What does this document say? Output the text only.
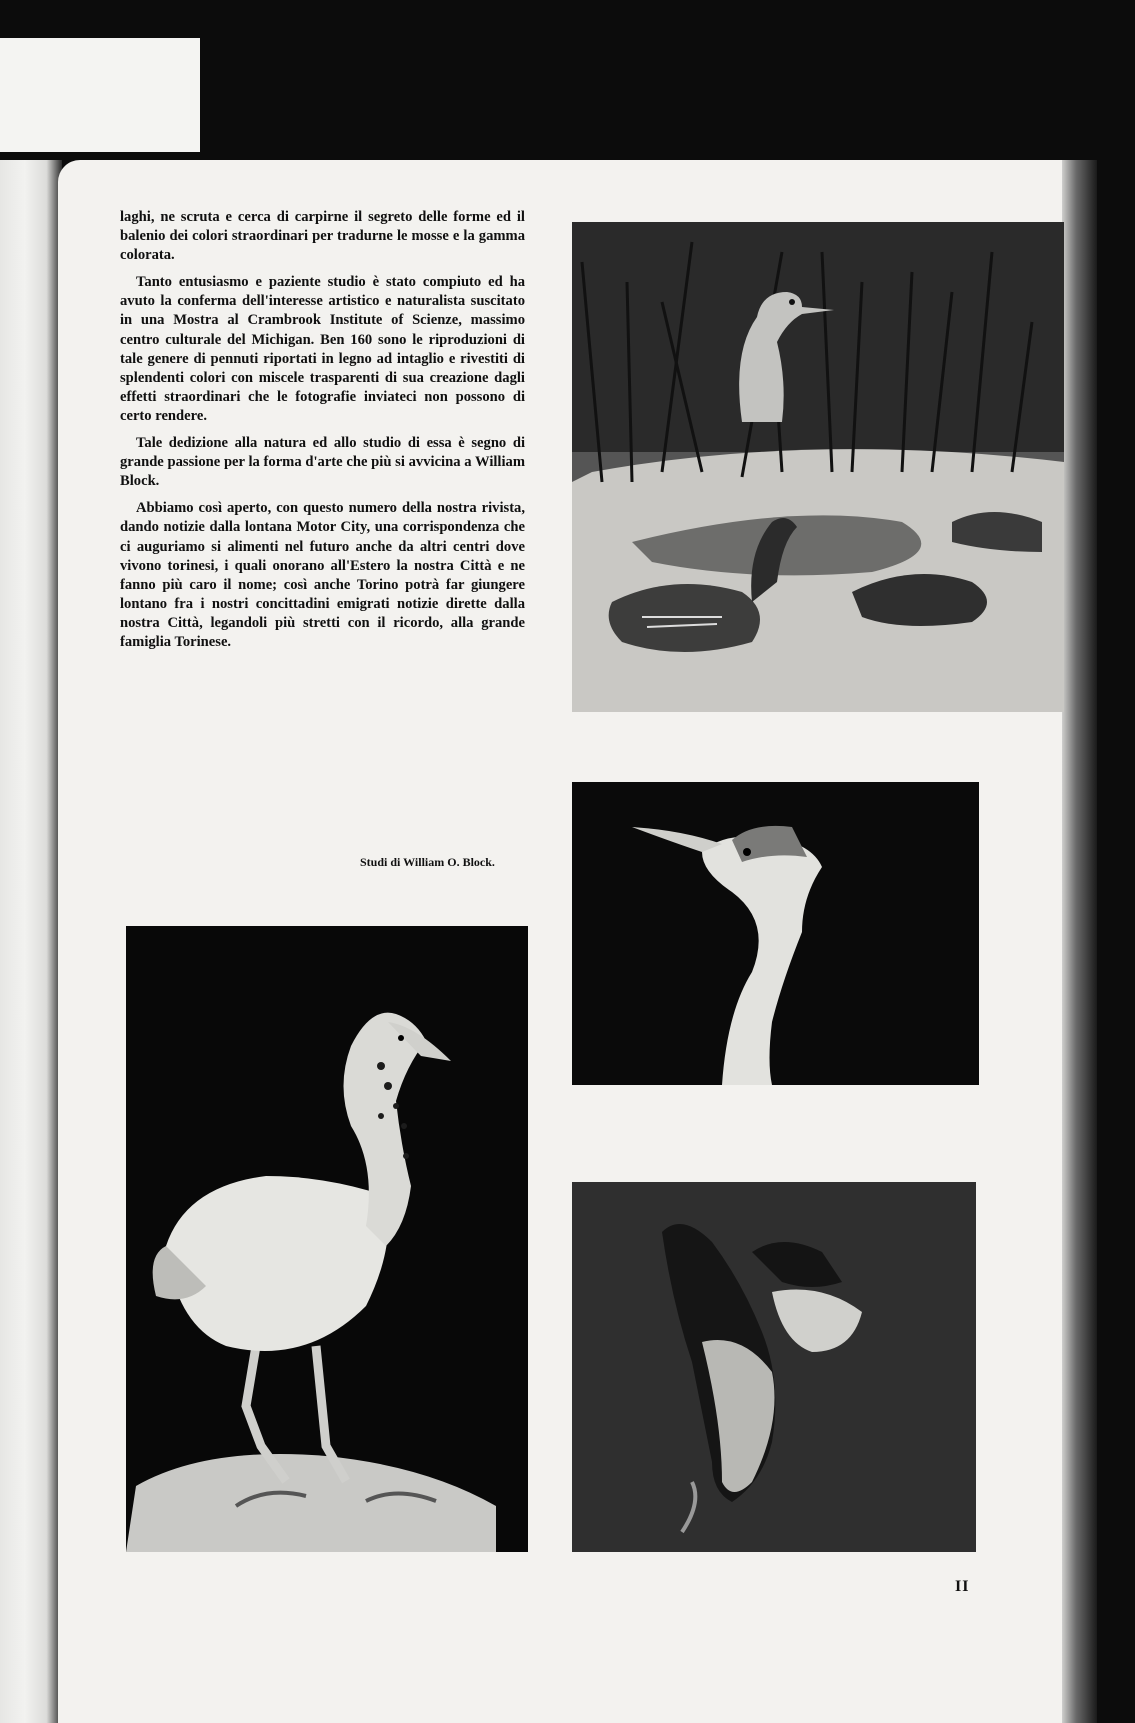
laghi, ne scruta e cerca di carpirne il segreto delle forme ed il balenio dei colori straordinari per tradurne le mosse e la gamma colorata.

Tanto entusiasmo e paziente studio è stato compiuto ed ha avuto la conferma dell'interesse artistico e naturalista suscitato in una Mostra al Crambrook Institute of Scienze, massimo centro culturale del Michigan. Ben 160 sono le riproduzioni di tale genere di pennuti riportati in legno ad intaglio e rivestiti di splendenti colori con miscele trasparenti di sua creazione dagli effetti straordinari che le fotografie inviateci non possono di certo rendere.

Tale dedizione alla natura ed allo studio di essa è segno di grande passione per la forma d'arte che più si avvicina a William Block.

Abbiamo così aperto, con questo numero della nostra rivista, dando notizie dalla lontana Motor City, una corrispondenza che ci auguriamo si alimenti nel futuro anche da altri centri dove vivono torinesi, i quali onorano all'Estero la nostra Città e ne fanno più caro il nome; così anche Torino potrà far giungere lontano fra i nostri concittadini emigrati notizie dirette dalla nostra Città, legandoli più stretti con il ricordo, alla grande famiglia Torinese.

Studi di William O. Block.
II
